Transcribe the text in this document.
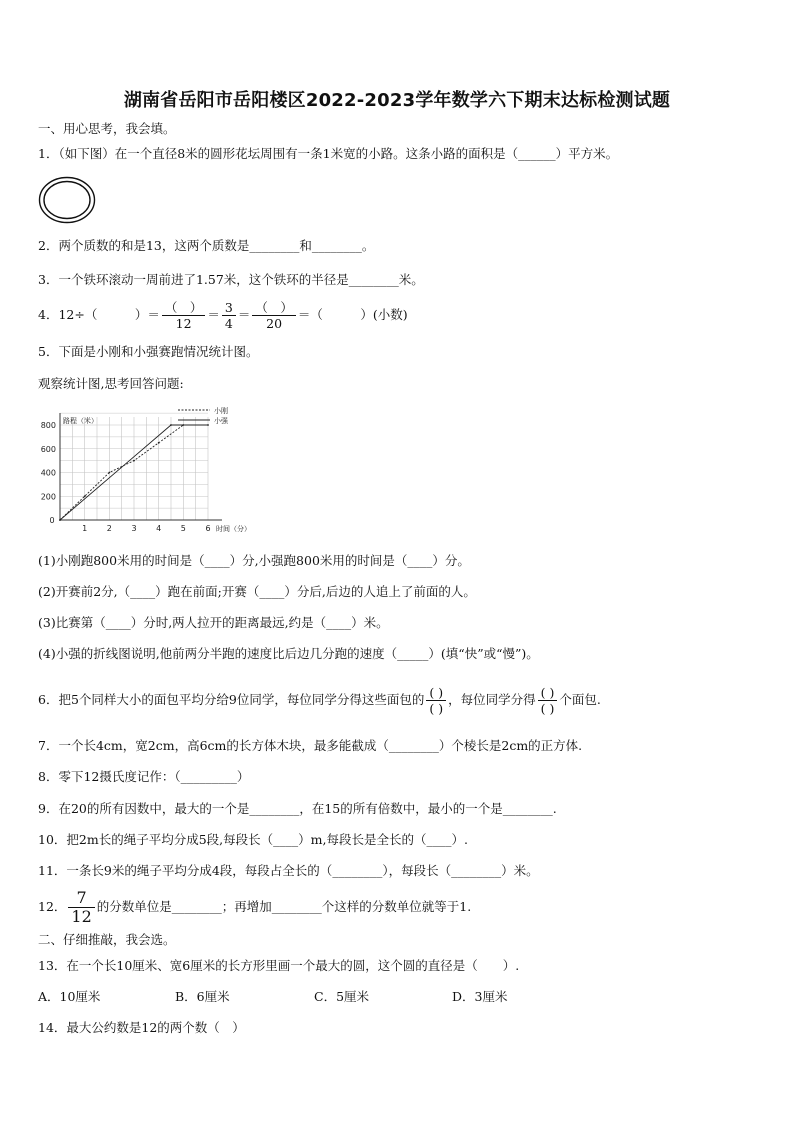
湖南省岳阳市岳阳楼区2022-2023学年数学六下期末达标检测试题
一、用心思考，我会填。
1．（如下图）在一个直径8米的圆形花坛周围有一条1米宽的小路。这条小路的面积是（______）平方米。
2．两个质数的和是13，这两个质数是________和________。
3．一个铁环滚动一周前进了1.57米，这个铁环的半径是________米。
4．12÷（　　　）＝ $\frac{( )}{12} = \frac{3}{4} = \frac{( )}{20}$ ＝（　　　）(小数)
5．下面是小刚和小强赛跑情况统计图。
观察统计图,思考回答问题:
200
400
600
800
0
1 2 3 4 5 6
路程（米）
时间（分）
小刚
小强
(1)小刚跑800米用的时间是（____）分,小强跑800米用的时间是（____）分。
(2)开赛前2分,（____）跑在前面;开赛（____）分后,后边的人追上了前面的人。
(3)比赛第（____）分时,两人拉开的距离最远,约是（____）米。
(4)小强的折线图说明,他前两分半跑的速度比后边几分跑的速度（_____）(填“快”或“慢”)。
6．把5个同样大小的面包平均分给9位同学，每位同学分得这些面包的 $\frac{( )}{( )}$ ，每位同学分得 $\frac{( )}{( )}$ 个面包.
7．一个长4cm，宽2cm，高6cm的长方体木块，最多能截成（________）个棱长是2cm的正方体.
8．零下12摄氏度记作：（_________）
9．在20的所有因数中，最大的一个是________，在15的所有倍数中，最小的一个是________.
10．把2m长的绳子平均分成5段,每段长（____）m,每段长是全长的（____）.
11．一条长9米的绳子平均分成4段，每段占全长的（________），每段长（________）米。
12． $\frac{7}{12}$ 的分数单位是________；再增加________个这样的分数单位就等于1.
二、仔细推敲，我会选。
13．在一个长10厘米、宽6厘米的长方形里画一个最大的圆，这个圆的直径是（　　）.
A．10厘米	B．6厘米	C．5厘米	D．3厘米
14．最大公约数是12的两个数（　）
